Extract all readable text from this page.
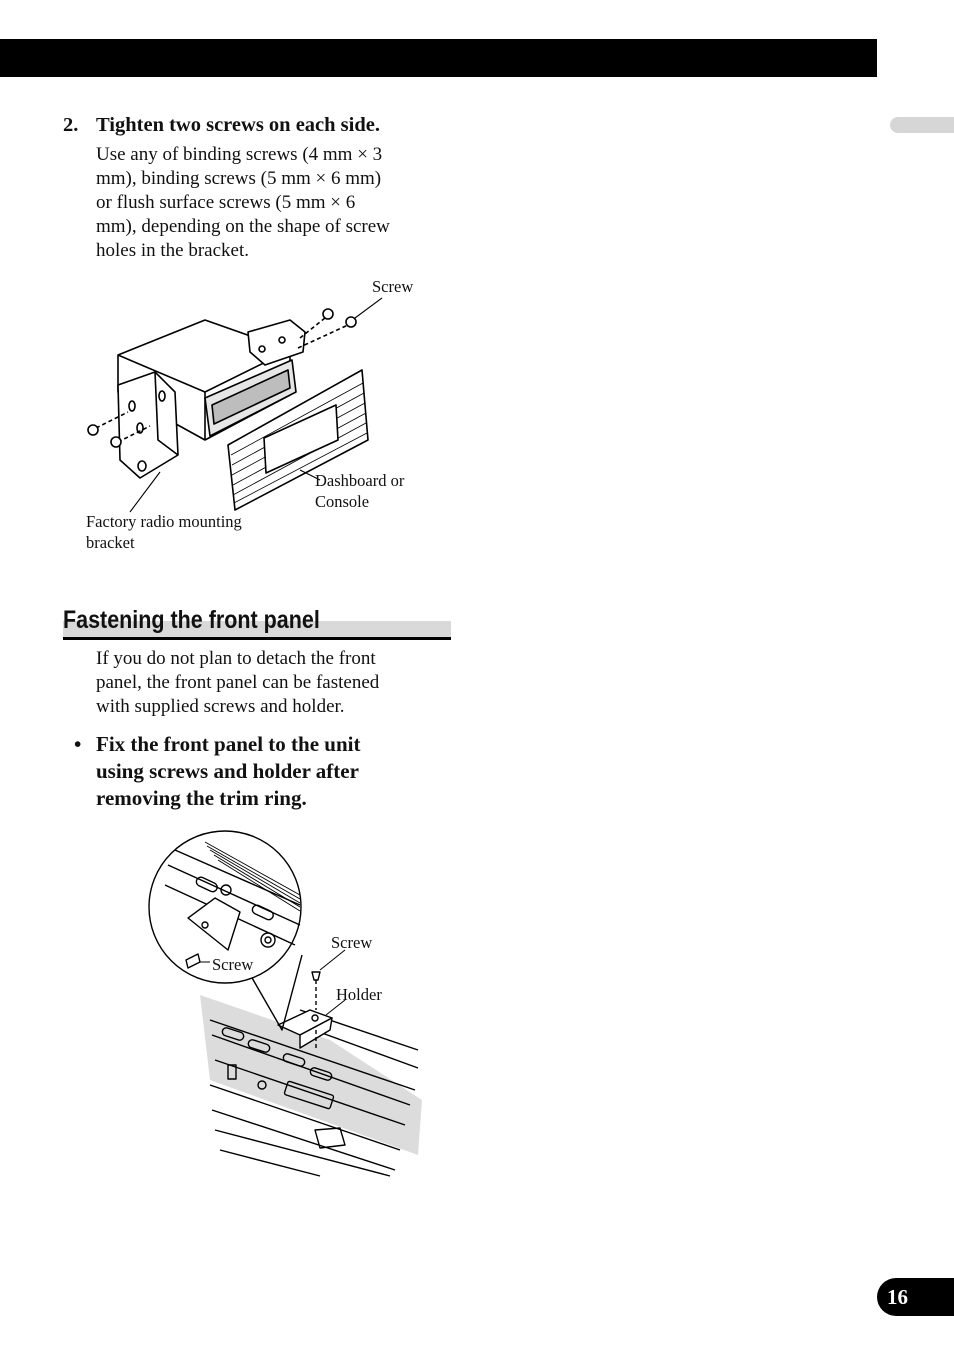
2. Tighten two screws on each side.
Use any of binding screws (4 mm × 3
mm), binding screws (5 mm × 6 mm)
or flush surface screws (5 mm × 6
mm), depending on the shape of screw
holes in the bracket.
Screw
Dashboard or
Console
Factory radio mounting
bracket
Fastening the front panel
If you do not plan to detach the front
panel, the front panel can be fastened
with supplied screws and holder.
• Fix the front panel to the unit
using screws and holder after
removing the trim ring.
Screw
Holder
Screw
16
